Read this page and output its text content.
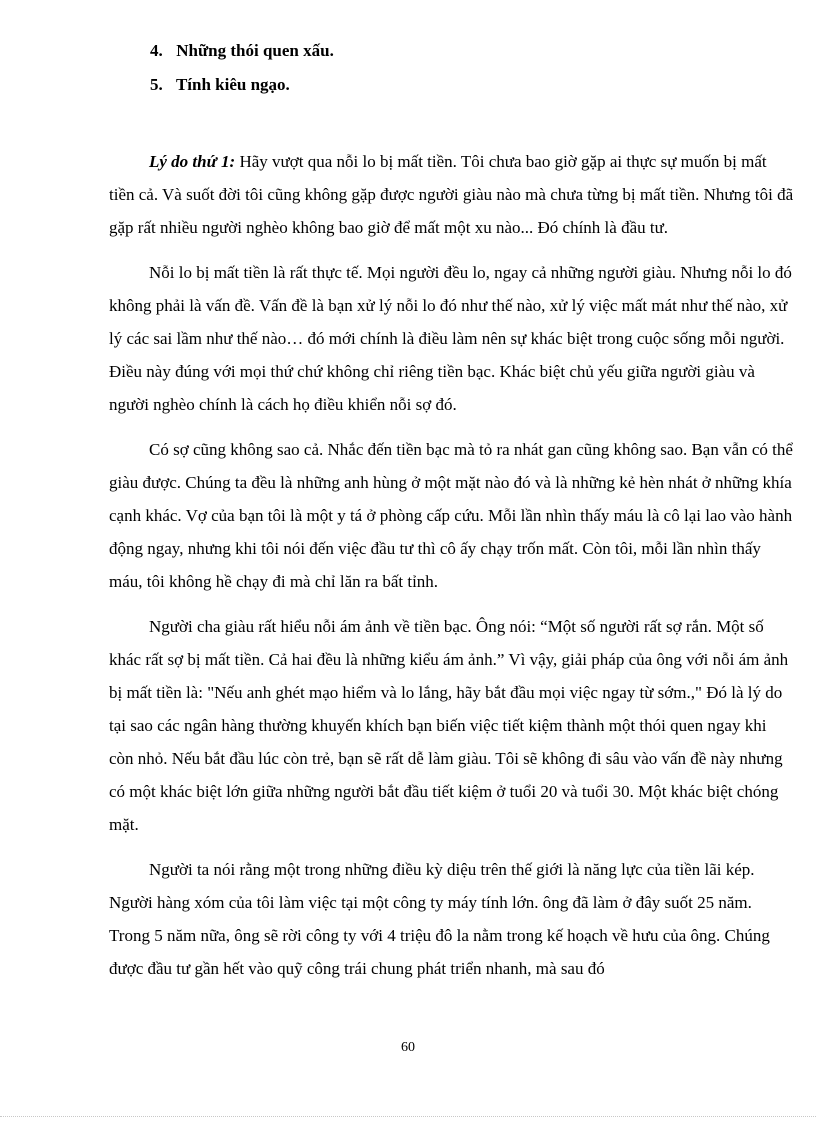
4. Những thói quen xấu.
5. Tính kiêu ngạo.

Lý do thứ 1: Hãy vượt qua nỗi lo bị mất tiền. Tôi chưa bao giờ gặp ai thực sự muốn bị mất tiền cả. Và suốt đời tôi cũng không gặp được người giàu nào mà chưa từng bị mất tiền. Nhưng tôi đã gặp rất nhiều người nghèo không bao giờ để mất một xu nào... Đó chính là đầu tư.

Nỗi lo bị mất tiền là rất thực tế. Mọi người đều lo, ngay cả những người giàu. Nhưng nỗi lo đó không phải là vấn đề. Vấn đề là bạn xử lý nỗi lo đó như thế nào, xử lý việc mất mát như thế nào, xử lý các sai lầm như thế nào… đó mới chính là điều làm nên sự khác biệt trong cuộc sống mỗi người. Điều này đúng với mọi thứ chứ không chỉ riêng tiền bạc. Khác biệt chủ yếu giữa người giàu và người nghèo chính là cách họ điều khiển nỗi sợ đó.

Có sợ cũng không sao cả. Nhắc đến tiền bạc mà tỏ ra nhát gan cũng không sao. Bạn vẫn có thể giàu được. Chúng ta đều là những anh hùng ở một mặt nào đó và là những kẻ hèn nhát ở những khía cạnh khác. Vợ của bạn tôi là một y tá ở phòng cấp cứu. Mỗi lần nhìn thấy máu là cô lại lao vào hành động ngay, nhưng khi tôi nói đến việc đầu tư thì cô ấy chạy trốn mất. Còn tôi, mỗi lần nhìn thấy máu, tôi không hề chạy đi mà chỉ lăn ra bất tỉnh.

Người cha giàu rất hiểu nỗi ám ảnh về tiền bạc. Ông nói: “Một số người rất sợ rắn. Một số khác rất sợ bị mất tiền. Cả hai đều là những kiểu ám ảnh.” Vì vậy, giải pháp của ông với nỗi ám ảnh bị mất tiền là: "Nếu anh ghét mạo hiểm và lo lắng, hãy bắt đầu mọi việc ngay từ sớm.," Đó là lý do tại sao các ngân hàng thường khuyến khích bạn biến việc tiết kiệm thành một thói quen ngay khi còn nhỏ. Nếu bắt đầu lúc còn trẻ, bạn sẽ rất dễ làm giàu. Tôi sẽ không đi sâu vào vấn đề này nhưng có một khác biệt lớn giữa những người bắt đầu tiết kiệm ở tuổi 20 và tuổi 30. Một khác biệt chóng mặt.

Người ta nói rằng một trong những điều kỳ diệu trên thế giới là năng lực của tiền lãi kép. Người hàng xóm của tôi làm việc tại một công ty máy tính lớn. ông đã làm ở đây suốt 25 năm. Trong 5 năm nữa, ông sẽ rời công ty với 4 triệu đô la nằm trong kế hoạch về hưu của ông. Chúng được đầu tư gần hết vào quỹ công trái chung phát triển nhanh, mà sau đó

60
